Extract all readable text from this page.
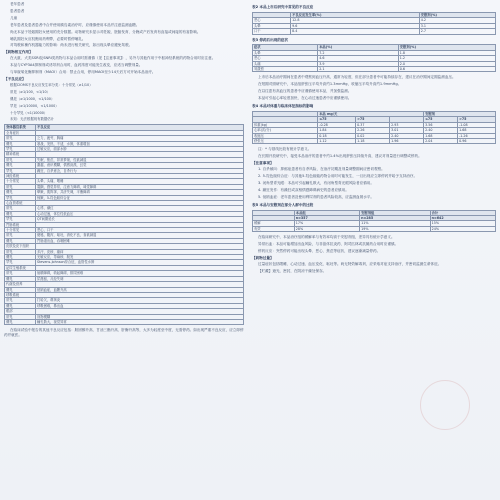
老年患者
患者患者
儿童

老年患者及患者患者中合并使用胰岛素治疗时，应谨慎使用本品并注意监测血糖。

尚无本品于妊娠期妇女使用的充分数据。动物研究未显示对妊娠、胚胎发育、分娩或产后发育有直接或间接的有害影响。

哺乳期妇女应权衡用药利弊，必要时暂停哺乳。

对驾驶和操作机器能力的影响：尚未进行相关研究，如出现头晕应避免驾驶。

【药物相互作用】

在大鼠、犬类SSRI及SNRI类药物与本品合用时需谨慎（见【注意事项】），另外与其他作用于中枢神经系统的药物合用时应注意。

本品与CYP3A4抑制剂或诱导剂合用时，血药浓度可能发生改变，应适当调整剂量。

与单胺氧化酶抑制剂（MAOI）合用：禁止合用，停用MAOI至少14天后方可开始本品治疗。

【不良反应】
根据CIOMS不良反应发生率分类：十分常见（≥1/10）
常见（≥1/100，<1/10）
偶见（≥1/1000，<1/100）
罕见（≥1/10000，<1/1000）
十分罕见（<1/10000）
未知：无法根据现有数据估计
身体器官系统	不良反应
全身症状	
常见	乏力，疲劳，胸痛
偶见	寒战，发热，不适，水肿，体重增加
罕见	过敏反应，面部水肿
精神系统	
常见	失眠，焦虑，异常梦境，性欲减退
偶见	激越，意识模糊，情感淡漠，幻觉
罕见	躁狂，自杀意念，自杀行为
神经系统	
十分常见	头晕，头痛，嗜睡
常见	震颤，感觉异常，注意力障碍，味觉障碍
偶见	晕厥，肌阵挛，共济失调，平衡障碍
罕见	惊厥，5-羟色胺综合征
心血管系统	
常见	心悸，潮红
偶见	心动过速，体位性低血压
罕见	QT间期延长
胃肠系统	
十分常见	恶心，口干
常见	便秘，腹泻，呕吐，消化不良，食欲减退
偶见	胃肠道出血，吞咽困难
皮肤及皮下组织	
常见	多汗，皮疹，瘙痒
偶见	光敏反应，荨麻疹，脱发
罕见	Stevens-Johnson综合征，血管性水肿
泌尿生殖系统	
常见	射精障碍，勃起障碍，排尿困难
偶见	尿潴留，月经失调
代谢及营养	
偶见	低钠血症，血糖升高
呼吸系统	
常见	打哈欠，鼻窦炎
偶见	呼吸困难，鼻出血
眼部	
常见	视物模糊
偶见	瞳孔散大，视觉异常

在临床试验中报告的其他不良反应包括：胆固醇升高、甘油三酯升高、肝酶升高等，大多为轻度至中度，无需停药。如出现严重不良反应，应立即停药并就医。

表2 本品上市后研究中常见的不良反应
	不良反应发生率(%)	安慰剂(%)
恶心	12.8	4.2
头晕	9.6	3.1
口干	8.4	2.7
表3 停药后出现的症状
症状	本品(%)	安慰剂(%)
头晕	7.2	1.8
恶心	4.6	1.2
头痛	3.9	2.0
易激惹	2.1	0.6

上市后本品治疗期间在患者中观察到血压升高，通常为轻度，但在部分患者中可能持续存在，建议在治疗期间定期监测血压。

在短期对照研究中，本品组舒张压平均升高约1.3mmHg，收缩压平均升高约1.9mmHg。

在以往患有高血压的患者中应谨慎使用本品，并加强监测。

本品可引起心率轻度加快，在心动过速患者中应谨慎使用。

表4 本品对体重与临床体征指标的影响
	本品 mg/天			安慰剂	
	≤75	>75		≤75	>75
体重(kg)	-0.28	0.37	2.93	3.56	-1.08
心率(次/分)	1.84	2.26	3.01	2.40	1.68
收缩压	0.18	0.02	2.40	1.68	-1.26
舒张压	1.12	1.18	1.96	2.04	0.96

注：* 与基线比较有统计学意义。

在长期开放研究中，接受本品治疗的患者中约1.4%出现舒张压持续升高，建议对剂量进行调整或停药。

【注意事项】

1. 自杀倾向：抑郁症患者有自杀风险，在治疗初期及剂量调整期间应密切观察。

2. 5-羟色胺综合征：与其他5-羟色胺能药物合用时可能发生，一旦出现应立即停药并给予支持治疗。

3. 闭角型青光眼：本品可引起瞳孔散大，有闭角型青光眼风险者应慎用。

4. 躁狂发作：有躁狂或双相情感障碍病史的患者应慎用。

5. 低钠血症：老年患者及使用利尿剂的患者风险较高，应监测血钠水平。

表5 本品与安慰剂在部分人群中的比较
	本品组	安慰剂组	合计
	n=357	n=285	n=642
缓解	17%	11%	15%
有效	28%	19%	24%

在临床研究中，本品治疗组的缓解率与有效率均高于安慰剂组，差异具有统计学意义。

异常出血：本品可能增加出血风险，与非甾体抗炎药、阿司匹林或抗凝药合用时应谨慎。

停药反应：突然停药可能出现头晕、恶心、焦虑等症状，建议逐渐减量停药。

【药物过量】

过量症状包括嗜睡、心动过速、血压变化、呕吐等。尚无特效解毒剂，应采取对症支持治疗，并密切监测生命体征。

【贮藏】遮光，密封，在阴凉干燥处保存。
